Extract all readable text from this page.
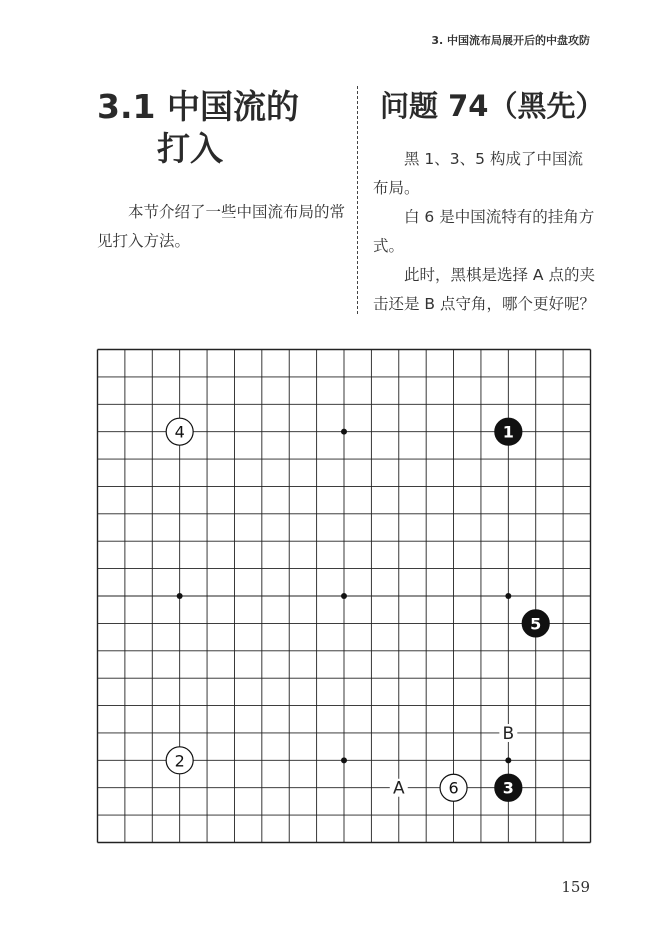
3. 中国流布局展开后的中盘攻防
3.1 中国流的
打入

本节介绍了一些中国流布局的常见打入方法。

问题 74（黑先）

黑 1、3、5 构成了中国流布局。

白 6 是中国流特有的挂角方式。

此时，黑棋是选择 A 点的夹击还是 B 点守角，哪个更好呢？

A
B
1
2
3
4
5
6
159
